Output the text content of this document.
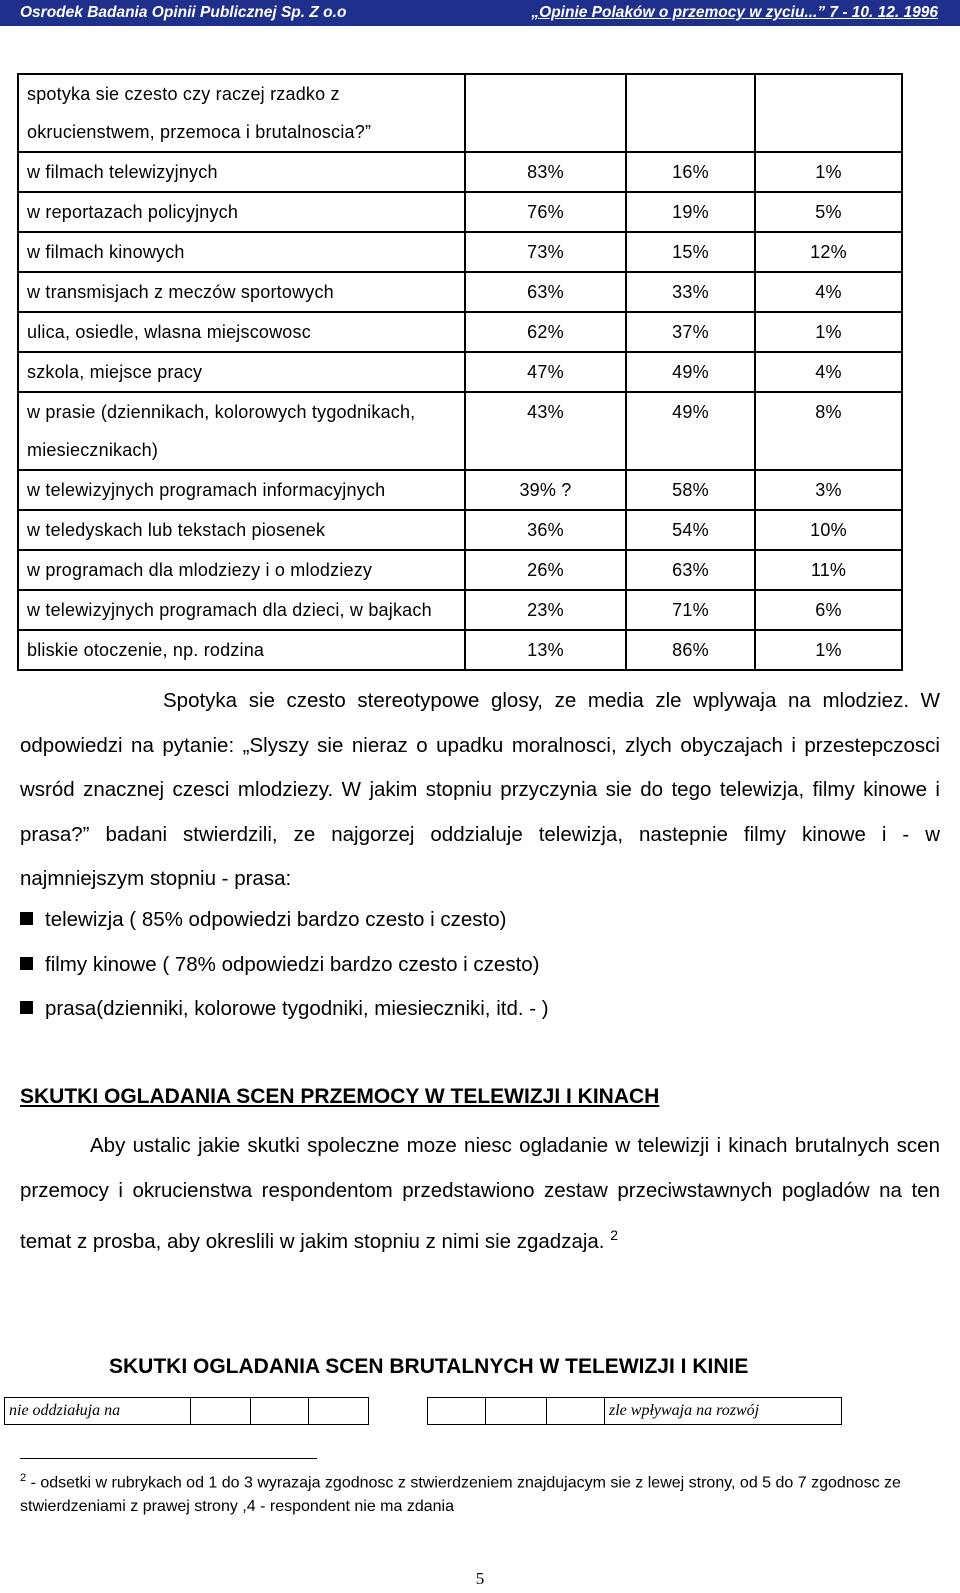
Osrodek Badania Opinii Publicznej Sp. Z o.o	„Opinie Polaków o przemocy w zyciu...” 7 - 10. 12. 1996
spotyka sie czesto czy raczej rzadko z okrucienstwem, przemoca i brutalnoscia?”			
w filmach telewizyjnych	83%	16%	1%
w reportazach policyjnych	76%	19%	5%
w filmach kinowych	73%	15%	12%
w transmisjach z meczów sportowych	63%	33%	4%
ulica, osiedle, wlasna miejscowosc	62%	37%	1%
szkola, miejsce pracy	47%	49%	4%
w prasie (dziennikach, kolorowych tygodnikach, miesiecznikach)	43%	49%	8%
w telewizyjnych programach informacyjnych	39% ?	58%	3%
w teledyskach lub tekstach piosenek	36%	54%	10%
w programach dla mlodziezy i o mlodziezy	26%	63%	11%
w telewizyjnych programach dla dzieci, w bajkach	23%	71%	6%
bliskie otoczenie, np. rodzina	13%	86%	1%
Spotyka sie czesto stereotypowe glosy, ze media zle wplywaja na mlodziez. W odpowiedzi na pytanie: „Slyszy sie nieraz o upadku moralnosci, zlych obyczajach i przestepczosci wsród znacznej czesci mlodziezy. W jakim stopniu przyczynia sie do tego telewizja, filmy kinowe i prasa?” badani stwierdzili, ze najgorzej oddzialuje telewizja, nastepnie filmy kinowe i - w najmniejszym stopniu - prasa:
telewizja ( 85% odpowiedzi bardzo czesto i czesto)
filmy kinowe ( 78% odpowiedzi bardzo czesto i czesto)
prasa(dzienniki, kolorowe tygodniki, miesieczniki, itd. - )
SKUTKI OGLADANIA SCEN PRZEMOCY W TELEWIZJI I KINACH
Aby ustalic jakie skutki spoleczne moze niesc ogladanie w telewizji i kinach brutalnych scen przemocy i okrucienstwa respondentom przedstawiono zestaw przeciwstawnych pogladów na ten temat z prosba, aby okreslili w jakim stopniu z nimi sie zgadzaja. $^2$
SKUTKI OGLADANIA SCEN BRUTALNYCH W TELEWIZJI I KINIE
nie oddziałuja na								zle wpływaja na rozwój
$^2$ - odsetki w rubrykach od 1 do 3 wyrazaja zgodnosc z stwierdzeniem znajdujacym sie z lewej strony, od 5 do 7 zgodnosc ze stwierdzeniami z prawej strony ,4 - respondent nie ma zdania
5
